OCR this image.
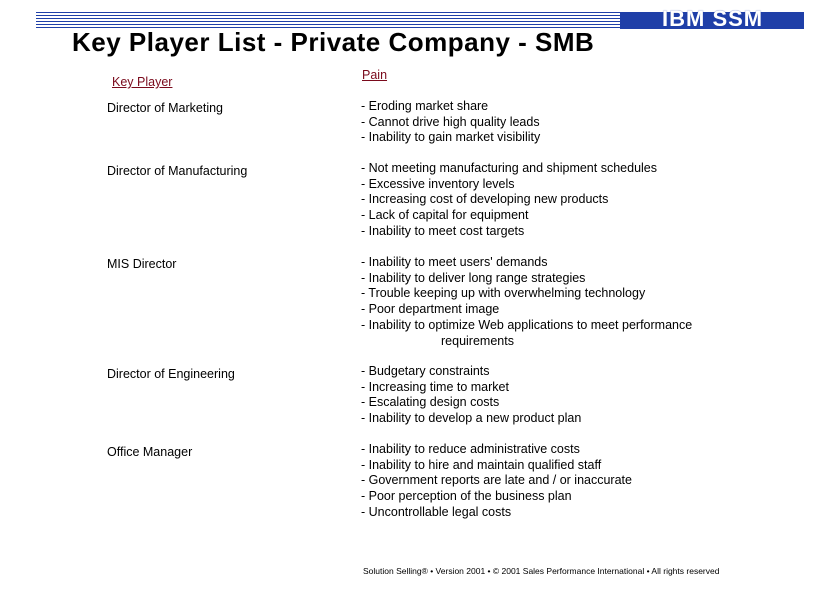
IBM SSM
Key Player List - Private Company - SMB
Key Player	Pain
Director of Marketing	- Eroding market share
- Cannot drive high quality leads
- Inability to gain market visibility
Director of Manufacturing	- Not meeting manufacturing and shipment schedules
- Excessive inventory levels
- Increasing cost of developing new products
- Lack of capital for equipment
- Inability to meet cost targets
MIS Director	- Inability to meet users' demands
- Inability to deliver long range strategies
- Trouble keeping up with overwhelming technology
- Poor department image
- Inability to optimize Web applications to meet performance
requirements
Director of Engineering	- Budgetary constraints
- Increasing time to market
- Escalating design costs
- Inability to develop a new product plan
Office Manager	- Inability to reduce administrative costs
- Inability to hire and maintain qualified staff
- Government reports are late and / or inaccurate
- Poor perception of the business plan
- Uncontrollable legal costs
Solution Selling® • Version 2001 • © 2001 Sales Performance International • All rights reserved
